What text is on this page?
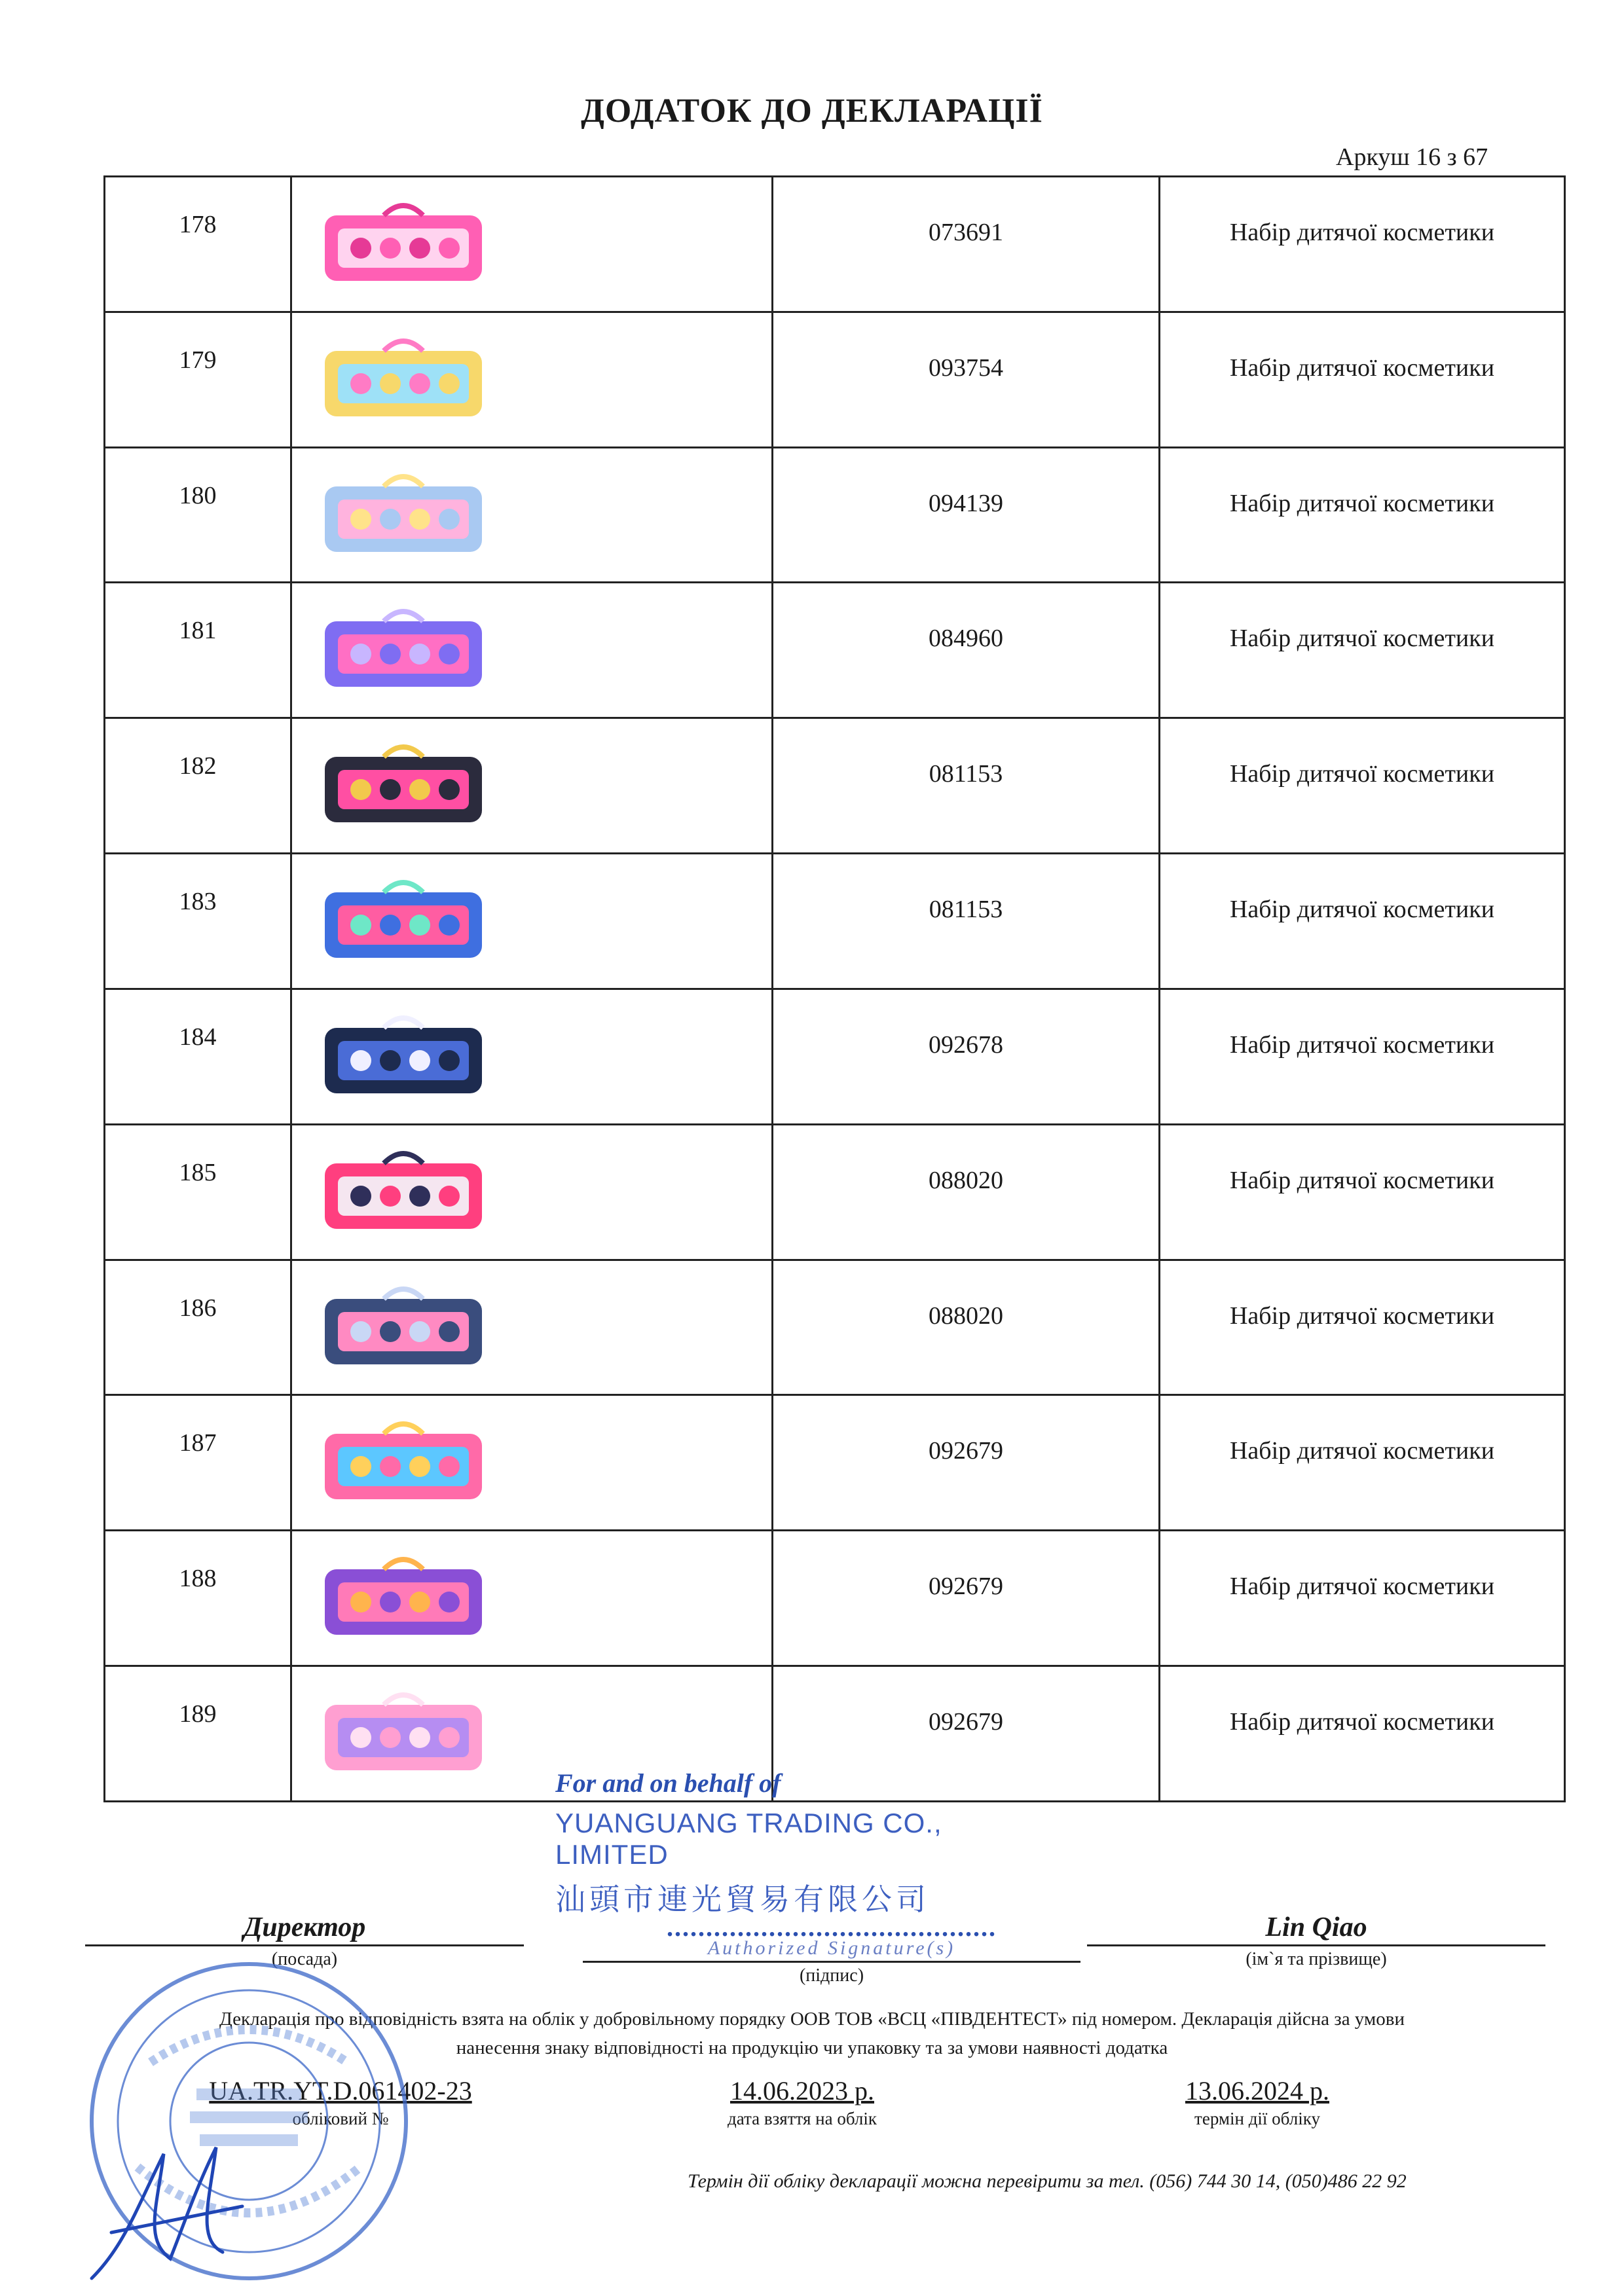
ДОДАТОК ДО ДЕКЛАРАЦІЇ
Аркуш 16 з 67
178		073691	Набір дитячої косметики

179		093754	Набір дитячої косметики

180		094139	Набір дитячої косметики

181		084960	Набір дитячої косметики

182		081153	Набір дитячої косметики

183		081153	Набір дитячої косметики

184		092678	Набір дитячої косметики

185		088020	Набір дитячої косметики

186		088020	Набір дитячої косметики

187		092679	Набір дитячої косметики

188		092679	Набір дитячої косметики

189		092679	Набір дитячої косметики
For and on behalf of
YUANGUANG TRADING CO., LIMITED
汕頭市連光貿易有限公司
Директор
(посада)
..........................................
Authorized Signature(s)
(підпис)
Lin Qiao
(ім`я та прізвище)
Декларація про відповідність взята на облік у добровільному порядку ООВ ТОВ «ВСЦ «ПІВДЕНТЕСТ» під номером. Декларація дійсна за умови
нанесення знаку відповідності на продукцію чи упаковку та за умови наявності додатка
UA.TR.YT.D.061402-23
обліковий №
14.06.2023 р.
дата взяття на облік
13.06.2024 р.
термін дії обліку
Термін дії обліку декларації можна перевірити за тел. (056) 744 30 14, (050)486 22 92
